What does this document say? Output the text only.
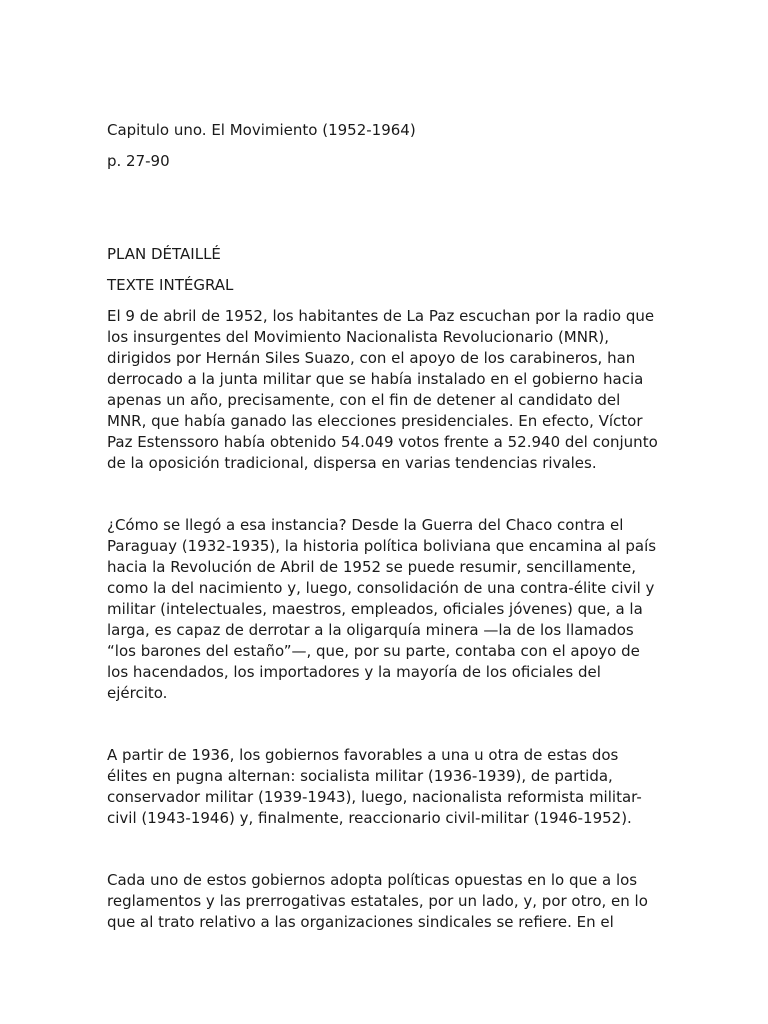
Capitulo uno. El Movimiento (1952-1964)

p. 27-90

PLAN DÉTAILLÉ

TEXTE INTÉGRAL

El 9 de abril de 1952, los habitantes de La Paz escuchan por la radio que
los insurgentes del Movimiento Nacionalista Revolucionario (MNR),
dirigidos por Hernán Siles Suazo, con el apoyo de los carabineros, han
derrocado a la junta militar que se había instalado en el gobierno hacia
apenas un año, precisamente, con el fin de detener al candidato del
MNR, que había ganado las elecciones presidenciales. En efecto, Víctor
Paz Estenssoro había obtenido 54.049 votos frente a 52.940 del conjunto
de la oposición tradicional, dispersa en varias tendencias rivales.
¿Cómo se llegó a esa instancia? Desde la Guerra del Chaco contra el
Paraguay (1932-1935), la historia política boliviana que encamina al país
hacia la Revolución de Abril de 1952 se puede resumir, sencillamente,
como la del nacimiento y, luego, consolidación de una contra-élite civil y
militar (intelectuales, maestros, empleados, oficiales jóvenes) que, a la
larga, es capaz de derrotar a la oligarquía minera —la de los llamados
“los barones del estaño”—, que, por su parte, contaba con el apoyo de
los hacendados, los importadores y la mayoría de los oficiales del
ejército.
A partir de 1936, los gobiernos favorables a una u otra de estas dos
élites en pugna alternan: socialista militar (1936-1939), de partida,
conservador militar (1939-1943), luego, nacionalista reformista militar-
civil (1943-1946) y, finalmente, reaccionario civil-militar (1946-1952).
Cada uno de estos gobiernos adopta políticas opuestas en lo que a los
reglamentos y las prerrogativas estatales, por un lado, y, por otro, en lo
que al trato relativo a las organizaciones sindicales se refiere. En el
